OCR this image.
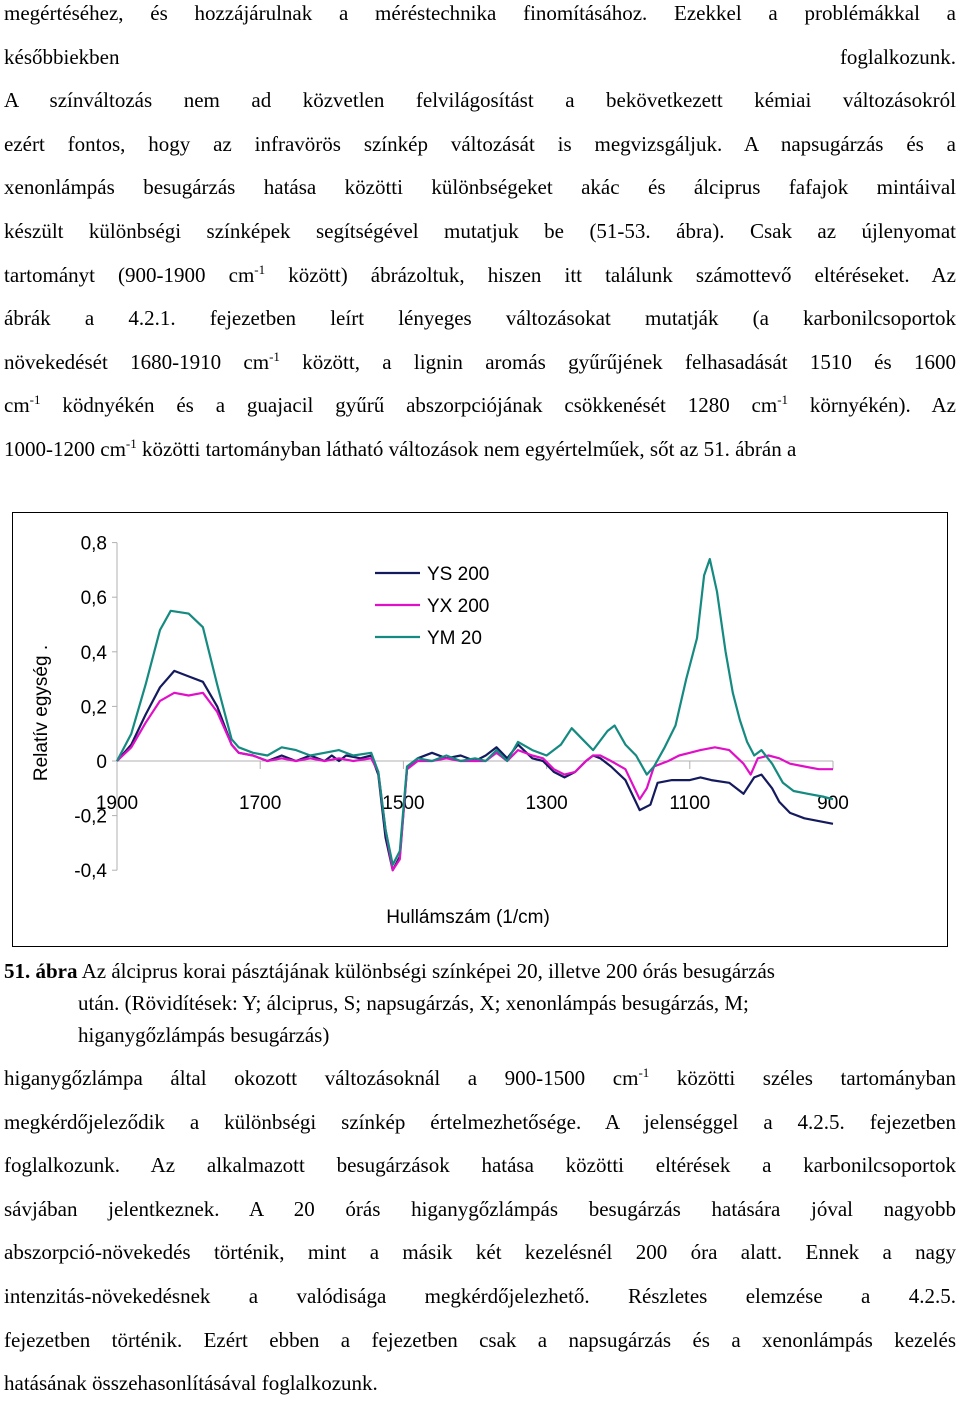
megértéséhez, és hozzájárulnak a méréstechnika finomításához. Ezekkel a problémákkal a
későbbiekben foglalkozunk.
A színváltozás nem ad közvetlen felvilágosítást a bekövetkezett kémiai változásokról
ezért fontos, hogy az infravörös színkép változását is megvizsgáljuk. A napsugárzás és a
xenonlámpás besugárzás hatása közötti különbségeket akác és álciprus fafajok mintáival
készült különbségi színképek segítségével mutatjuk be (51-53. ábra). Csak az újlenyomat
tartományt (900-1900 $cm^{-1}$ között) ábrázoltuk, hiszen itt találunk számottevő eltéréseket. Az
ábrák a 4.2.1. fejezetben leírt lényeges változásokat mutatják (a karbonilcsoportok
növekedését 1680-1910 $cm^{-1}$ között, a lignin aromás gyűrűjének felhasadását 1510 és 1600
$cm^{-1}$ ködnyékén és a guajacil gyűrű abszorpciójának csökkenését 1280 $cm^{-1}$ környékén). Az
1000-1200 $cm^{-1}$ közötti tartományban látható változások nem egyértelműek, sőt az 51. ábrán a
0,8
0,6
0,4
0,2
0
-0,2
-0,4
1900	1700	1500	1300	1100	900
Hullámszám (1/cm)
Relatív egység .
YS 200
YX 200
YM 20
51. ábra Az álciprus korai pásztájának különbségi színképei 20, illetve 200 órás besugárzás
után. (Rövidítések: Y; álciprus, S; napsugárzás, X; xenonlámpás besugárzás, M;
higanygőzlámpás besugárzás)
higanygőzlámpa által okozott változásoknál a 900-1500 $cm^{-1}$ közötti széles tartományban
megkérdőjeleződik a különbségi színkép értelmezhetősége. A jelenséggel a 4.2.5. fejezetben
foglalkozunk. Az alkalmazott besugárzások hatása közötti eltérések a karbonilcsoportok
sávjában jelentkeznek. A 20 órás higanygőzlámpás besugárzás hatására jóval nagyobb
abszorpció-növekedés történik, mint a másik két kezelésnél 200 óra alatt. Ennek a nagy
intenzitás-növekedésnek a valódisága megkérdőjelezhető. Részletes elemzése a 4.2.5.
fejezetben történik. Ezért ebben a fejezetben csak a napsugárzás és a xenonlámpás kezelés
hatásának összehasonlításával foglalkozunk.
